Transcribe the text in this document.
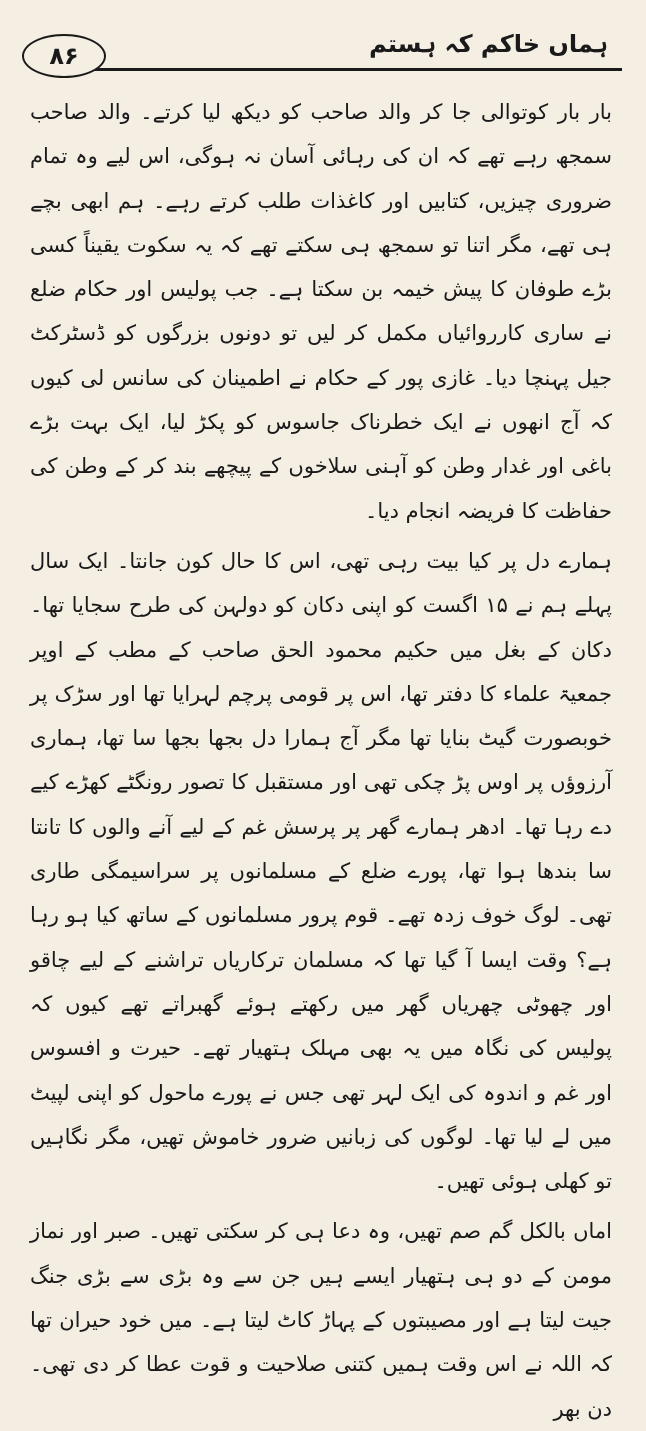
۸۶	ہماں خاکم کہ ہستم

بار بار کوتوالی جا کر والد صاحب کو دیکھ لیا کرتے۔ والد صاحب سمجھ رہے تھے کہ ان کی رہائی آسان نہ ہوگی، اس لیے وہ تمام ضروری چیزیں، کتابیں اور کاغذات طلب کرتے رہے۔ ہم ابھی بچے ہی تھے، مگر اتنا تو سمجھ ہی سکتے تھے کہ یہ سکوت یقیناً کسی بڑے طوفان کا پیش خیمہ بن سکتا ہے۔ جب پولیس اور حکام ضلع نے ساری کارروائیاں مکمل کر لیں تو دونوں بزرگوں کو ڈسٹرکٹ جیل پہنچا دیا۔ غازی پور کے حکام نے اطمینان کی سانس لی کیوں کہ آج انھوں نے ایک خطرناک جاسوس کو پکڑ لیا، ایک بہت بڑے باغی اور غدار وطن کو آہنی سلاخوں کے پیچھے بند کر کے وطن کی حفاظت کا فریضہ انجام دیا۔

ہمارے دل پر کیا بیت رہی تھی، اس کا حال کون جانتا۔ ایک سال پہلے ہم نے ۱۵ اگست کو اپنی دکان کو دولہن کی طرح سجایا تھا۔ دکان کے بغل میں حکیم محمود الحق صاحب کے مطب کے اوپر جمعیۃ علماء کا دفتر تھا، اس پر قومی پرچم لہرایا تھا اور سڑک پر خوبصورت گیٹ بنایا تھا مگر آج ہمارا دل بجھا بجھا سا تھا، ہماری آرزوؤں پر اوس پڑ چکی تھی اور مستقبل کا تصور رونگٹے کھڑے کیے دے رہا تھا۔ ادھر ہمارے گھر پر پرسش غم کے لیے آنے والوں کا تانتا سا بندھا ہوا تھا، پورے ضلع کے مسلمانوں پر سراسیمگی طاری تھی۔ لوگ خوف زدہ تھے۔ قوم پرور مسلمانوں کے ساتھ کیا ہو رہا ہے؟ وقت ایسا آ گیا تھا کہ مسلمان ترکاریاں تراشنے کے لیے چاقو اور چھوٹی چھریاں گھر میں رکھتے ہوئے گھبراتے تھے کیوں کہ پولیس کی نگاہ میں یہ بھی مہلک ہتھیار تھے۔ حیرت و افسوس اور غم و اندوہ کی ایک لہر تھی جس نے پورے ماحول کو اپنی لپیٹ میں لے لیا تھا۔ لوگوں کی زبانیں ضرور خاموش تھیں، مگر نگاہیں تو کھلی ہوئی تھیں۔

اماں بالکل گم صم تھیں، وہ دعا ہی کر سکتی تھیں۔ صبر اور نماز مومن کے دو ہی ہتھیار ایسے ہیں جن سے وہ بڑی سے بڑی جنگ جیت لیتا ہے اور مصیبتوں کے پہاڑ کاٹ لیتا ہے۔ میں خود حیران تھا کہ اللہ نے اس وقت ہمیں کتنی صلاحیت و قوت عطا کر دی تھی۔ دن بھر
